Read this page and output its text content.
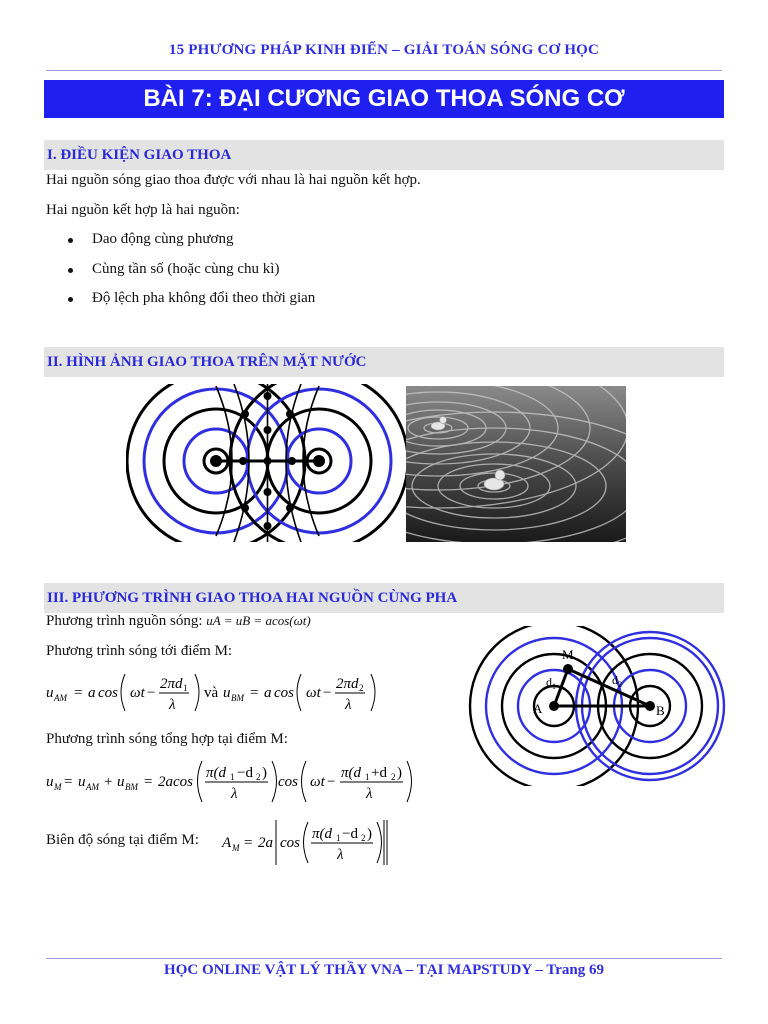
15 PHƯƠNG PHÁP KINH ĐIỂN – GIẢI TOÁN SÓNG CƠ HỌC
BÀI 7: ĐẠI CƯƠNG GIAO THOA SÓNG CƠ
I. ĐIỀU KIỆN GIAO THOA
Hai nguồn sóng giao thoa được với nhau là hai nguồn kết hợp.
Hai nguồn kết hợp là hai nguồn:
Dao động cùng phương
Cùng tần số (hoặc cùng chu kì)
Độ lệch pha không đổi theo thời gian
II. HÌNH ẢNH GIAO THOA TRÊN MẶT NƯỚC
III. PHƯƠNG TRÌNH GIAO THOA HAI NGUỒN CÙNG PHA
Phương trình nguồn sóng: uA = uB = acos(ωt)
Phương trình sóng tới điểm M:
u AM = a cos ωt −
2πd 1
λ
và u BM = a cos ωt −
2πd 2
λ
Phương trình sóng tổng hợp tại điểm M:
u M = u AM + u BM = 2acos
π(d 1 −d 2 )
λ
cos ωt −
π(d 1 +d 2 )
λ
Biên độ sóng tại điểm M: A M = 2a cos
π(d 1 −d 2 )
λ
M
A	B
$d_1$	$d_2$
HỌC ONLINE VẬT LÝ THẦY VNA – TẠI MAPSTUDY – Trang 69
